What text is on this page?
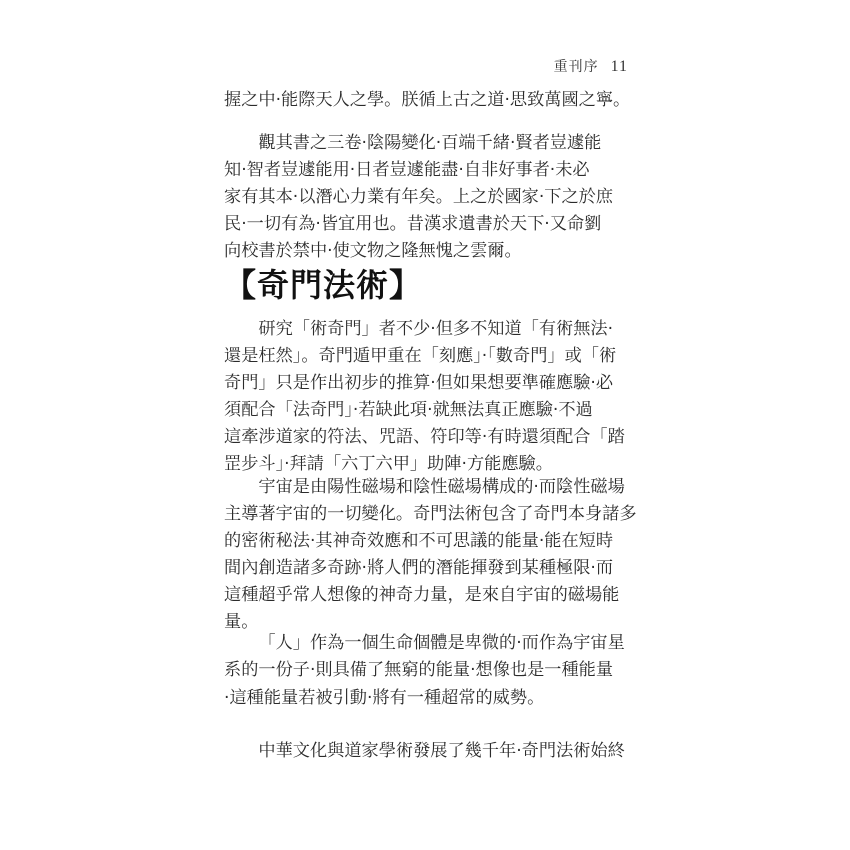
重刊序 11

握之中·能際天人之學。朕循上古之道·思致萬國之寧。

觀其書之三卷·陰陽變化·百端千緒·賢者豈遽能

知·智者豈遽能用·日者豈遽能盡·自非好事者·未必

家有其本·以潛心力業有年矣。上之於國家·下之於庶

民·一切有為·皆宜用也。昔漢求遺書於天下·又命劉

向校書於禁中·使文物之隆無愧之雲爾。

【奇門法術】

研究「術奇門」者不少·但多不知道「有術無法·

還是枉然」。奇門遁甲重在「刻應」·「數奇門」或「術

奇門」只是作出初步的推算·但如果想要準確應驗·必

須配合「法奇門」·若缺此項·就無法真正應驗·不過

這牽涉道家的符法、咒語、符印等·有時還須配合「踏

罡步斗」·拜請「六丁六甲」助陣·方能應驗。

宇宙是由陽性磁場和陰性磁場構成的·而陰性磁場

主導著宇宙的一切變化。奇門法術包含了奇門本身諸多

的密術秘法·其神奇效應和不可思議的能量·能在短時

間內創造諸多奇跡·將人們的潛能揮發到某種極限·而

這種超乎常人想像的神奇力量，是來自宇宙的磁場能

量。

「人」作為一個生命個體是卑微的·而作為宇宙星

系的一份子·則具備了無窮的能量·想像也是一種能量

·這種能量若被引動·將有一種超常的威勢。

中華文化與道家學術發展了幾千年·奇門法術始終
